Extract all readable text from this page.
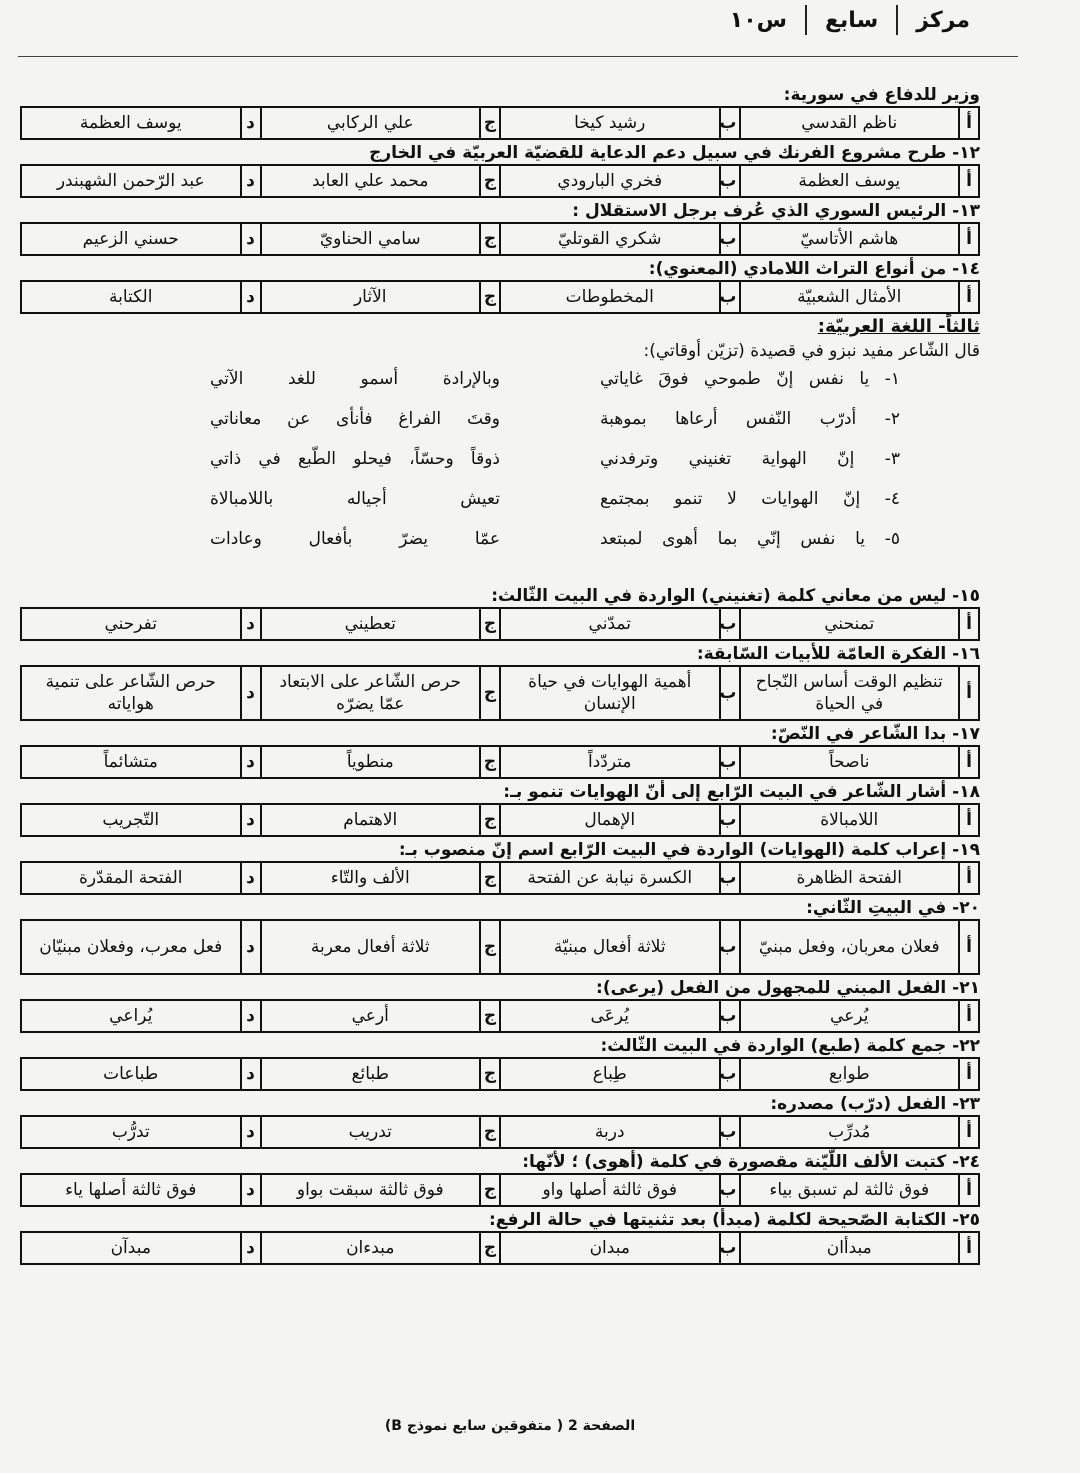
مركز
سابع
س١٠
وزير للدفاع في سورية:
أ	ناظم القدسي	ب	رشيد كيخا	ج	علي الركابي	د	يوسف العظمة
١٢- طرح مشروع الفرنك في سبيل دعم الدعاية للقضيّة العربيّة في الخارج
أ	يوسف العظمة	ب	فخري البارودي	ج	محمد علي العابد	د	عبد الرّحمن الشهبندر
١٣- الرئيس السوري الذي عُرف برجل الاستقلال :
أ	هاشم الأتاسيّ	ب	شكري القوتليّ	ج	سامي الحناويّ	د	حسني الزعيم
١٤- من أنواع التراث اللامادي (المعنوي):
أ	الأمثال الشعبيّة	ب	المخطوطات	ج	الآثار	د	الكتابة
ثالثاً- اللغة العربيّة:
قال الشّاعر مفيد نبزو في قصيدة (تزيّن أوقاتي):
١- يا نفس إنّ طموحي فوقَ غاياتي
وبالإرادة أسمو للغد الآتي
٢- أدرّب النّفس أرعاها بموهبة
وقتَ الفراغ فأنأى عن معاناتي
٣- إنّ الهواية تغنيني وترفدني
ذوقاً وحسّاً، فيحلو الطّبع في ذاتي
٤- إنّ الهوايات لا تنمو بمجتمع
تعيش أجياله باللامبالاة
٥- يا نفس إنّي بما أهوى لمبتعد
عمّا يضرّ بأفعال وعادات
١٥- ليس من معاني كلمة (تغنيني) الواردة في البيت الثّالث:
أ	تمنحني	ب	تمدّني	ج	تعطيني	د	تفرحني
١٦- الفكرة العامّة للأبيات السّابقة:
أ	تنظيم الوقت أساس النّجاح في الحياة	ب	أهمية الهوايات في حياة الإنسان	ج	حرص الشّاعر على الابتعاد عمّا يضرّه	د	حرص الشّاعر على تنمية هواياته
١٧- بدا الشّاعر في النّصّ:
أ	ناصحاً	ب	متردّداً	ج	منطوياً	د	متشائماً
١٨- أشار الشّاعر في البيت الرّابع إلى أنّ الهوايات تنمو بـ:
أ	اللامبالاة	ب	الإهمال	ج	الاهتمام	د	التّجريب
١٩- إعراب كلمة (الهوايات) الواردة في البيت الرّابع اسم إنّ منصوب بـ:
أ	الفتحة الظاهرة	ب	الكسرة نيابة عن الفتحة	ج	الألف والتّاء	د	الفتحة المقدّرة
٢٠- في البيتِ الثّاني:
أ	فعلان معربان، وفعل مبنيّ	ب	ثلاثة أفعال مبنيّة	ج	ثلاثة أفعال معربة	د	فعل معرب، وفعلان مبنيّان
٢١- الفعل المبني للمجهول من الفعل (يرعى):
أ	يُرعي	ب	يُرعَى	ج	أرعي	د	يُراعي
٢٢- جمع كلمة (طبع) الواردة في البيت الثّالث:
أ	طوابع	ب	طِباع	ج	طبائع	د	طباعات
٢٣- الفعل (درّب) مصدره:
أ	مُدرِّب	ب	دربة	ج	تدريب	د	تدرُّب
٢٤- كتبت الألف اللّيّنة مقصورة في كلمة (أهوى) ؛ لأنّها:
أ	فوق ثالثة لم تسبق بياء	ب	فوق ثالثة أصلها واو	ج	فوق ثالثة سبقت بواو	د	فوق ثالثة أصلها ياء
٢٥- الكتابة الصّحيحة لكلمة (مبدأ) بعد تثنيتها في حالة الرفع:
أ	مبدأان	ب	مبدان	ج	مبدءان	د	مبدآن
الصفحة 2 ( متفوقين سابع نموذج B)
